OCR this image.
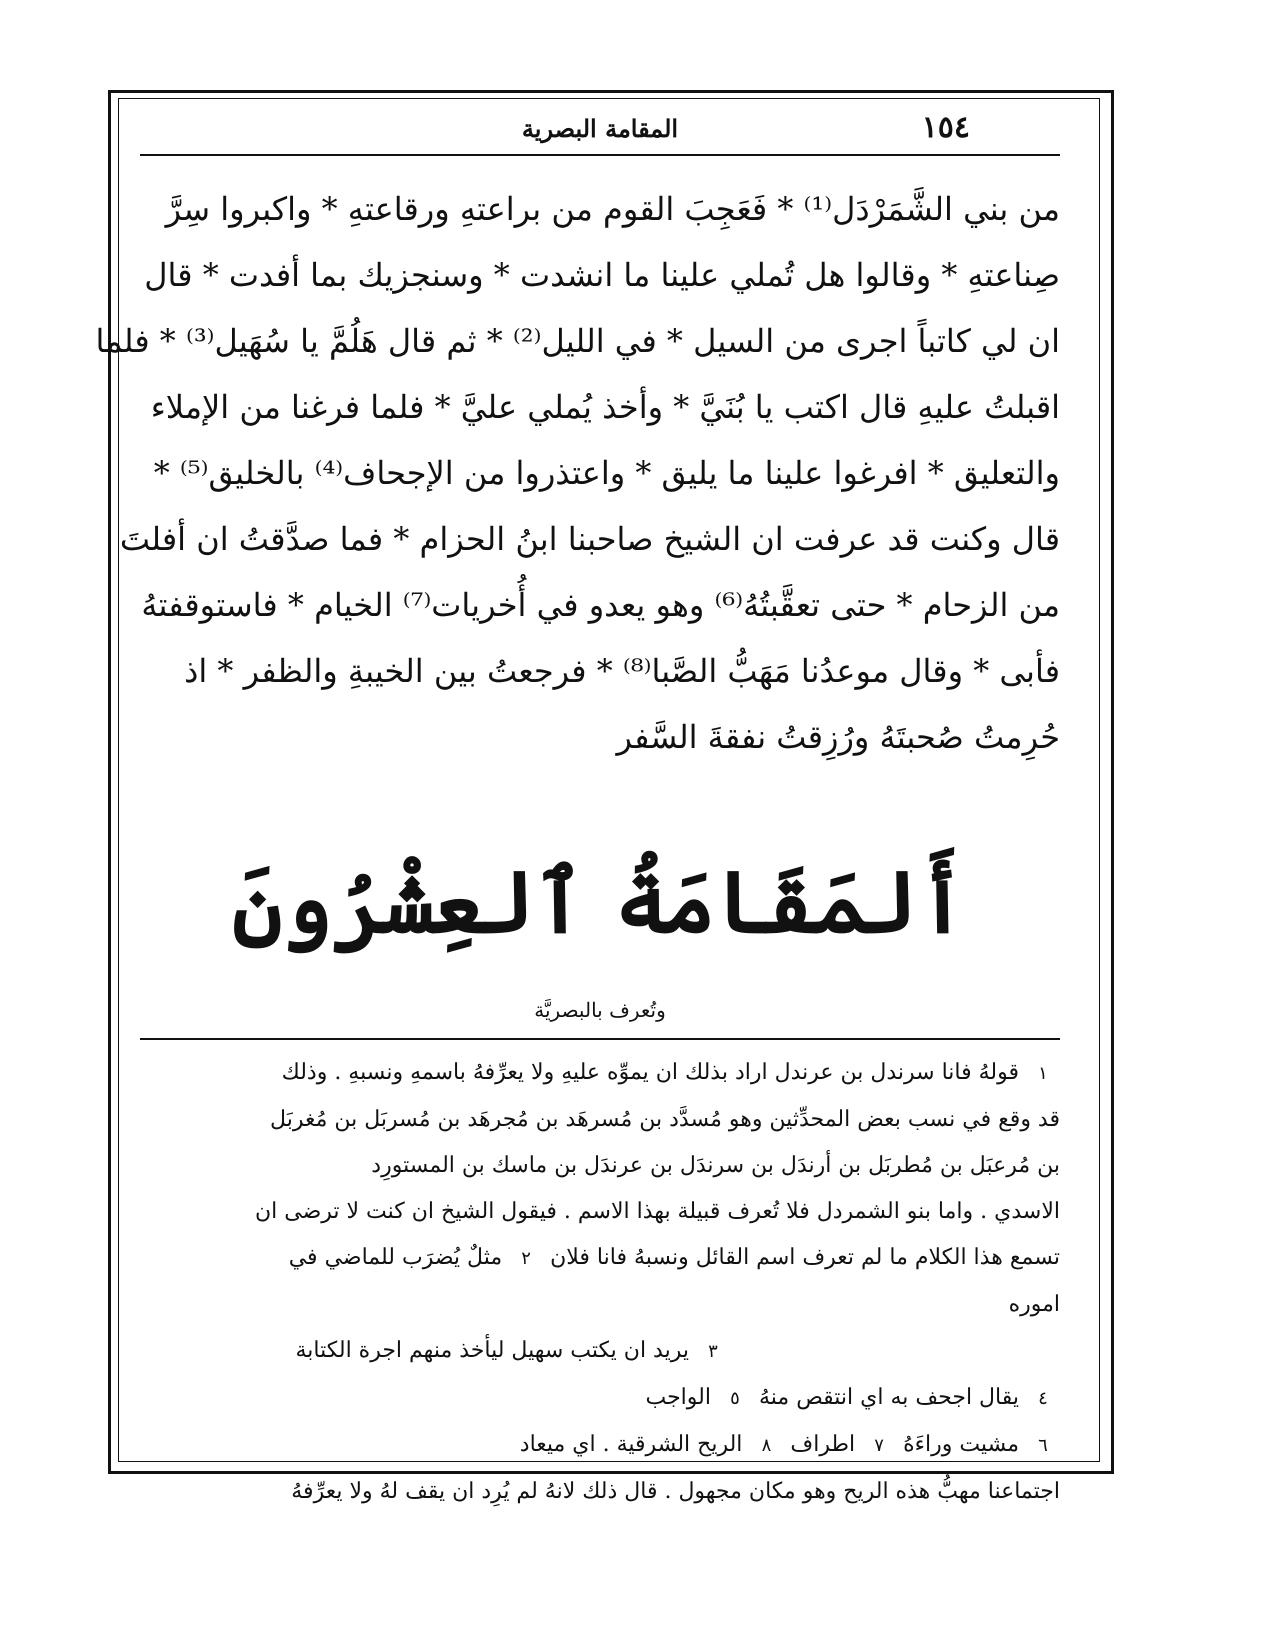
١٥٤
المقامة البصرية
من بني الشَّمَرْدَل⁽¹⁾ * فَعَجِبَ القوم من براعتهِ ورقاعتهِ * واكبروا سِرَّ
صِناعتهِ * وقالوا هل تُملي علينا ما انشدت * وسنجزيك بما أفدت * قال
ان لي كاتباً اجرى من السيل * في الليل⁽²⁾ * ثم قال هَلُمَّ يا سُهَيل⁽³⁾ * فلما
اقبلتُ عليهِ قال اكتب يا بُنَيَّ * وأخذ يُملي عليَّ * فلما فرغنا من الإملاء
والتعليق * افرغوا علينا ما يليق * واعتذروا من الإجحاف⁽⁴⁾ بالخليق⁽⁵⁾ *
قال وكنت قد عرفت ان الشيخ صاحبنا ابنُ الحزام * فما صدَّقتُ ان أفلتَ
من الزحام * حتى تعقَّبتُهُ⁽⁶⁾ وهو يعدو في أُخريات⁽⁷⁾ الخيام * فاستوقفتهُ
فأبى * وقال موعدُنا مَهَبُّ الصَّبا⁽⁸⁾ * فرجعتُ بين الخيبةِ والظفر * اذ
حُرِمتُ صُحبتَهُ ورُزِقتُ نفقةَ السَّفر
أَلمَقَامَةُ ٱلعِشْرُونَ
وتُعرف بالبصريَّة
١ قولهُ فانا سرندل بن عرندل اراد بذلك ان يموِّه عليهِ ولا يعرِّفهُ باسمهِ ونسبهِ . وذلك
قد وقع في نسب بعض المحدِّثين وهو مُسدَّد بن مُسرهَد بن مُجرهَد بن مُسربَل بن مُغربَل
بن مُرعبَل بن مُطربَل بن أرندَل بن سرندَل بن عرندَل بن ماسك بن المستورِد
الاسدي . واما بنو الشمردل فلا تُعرف قبيلة بهذا الاسم . فيقول الشيخ ان كنت لا ترضى ان
تسمع هذا الكلام ما لم تعرف اسم القائل ونسبهُ فانا فلان ٢ مثلٌ يُضرَب للماضي في
اموره
٣ يريد ان يكتب سهيل ليأخذ منهم اجرة الكتابة
٤ يقال اجحف به اي انتقص منهُ ٥ الواجب
٦ مشيت وراءَهُ ٧ اطراف ٨ الريح الشرقية . اي ميعاد
اجتماعنا مهبُّ هذه الريح وهو مكان مجهول . قال ذلك لانهُ لم يُرِد ان يقف لهُ ولا يعرِّفهُ
